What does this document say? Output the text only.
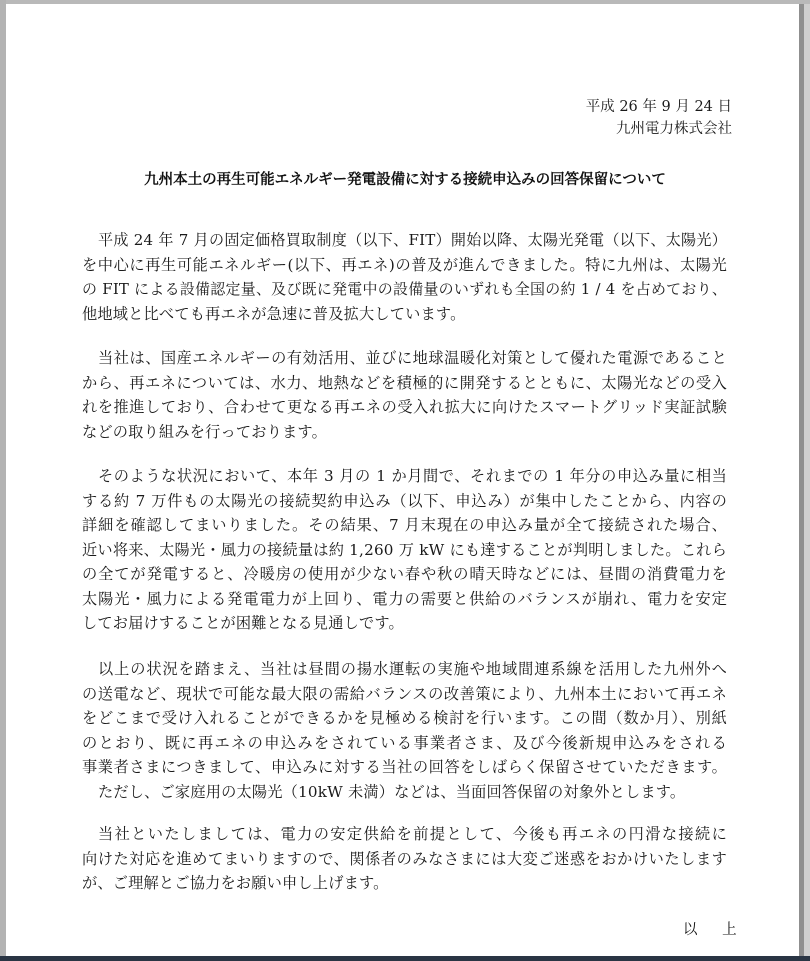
平成 26 年 9 月 24 日
九州電力株式会社
九州本土の再生可能エネルギー発電設備に対する接続申込みの回答保留について
平成 24 年 7 月の固定価格買取制度（以下、FIT）開始以降、太陽光発電（以下、太陽光）
を中心に再生可能エネルギー(以下、再エネ)の普及が進んできました。特に九州は、太陽光
の FIT による設備認定量、及び既に発電中の設備量のいずれも全国の約 1 / 4 を占めており、
他地域と比べても再エネが急速に普及拡大しています。
当社は、国産エネルギーの有効活用、並びに地球温暖化対策として優れた電源であること
から、再エネについては、水力、地熱などを積極的に開発するとともに、太陽光などの受入
れを推進しており、合わせて更なる再エネの受入れ拡大に向けたスマートグリッド実証試験
などの取り組みを行っております。
そのような状況において、本年 3 月の 1 か月間で、それまでの 1 年分の申込み量に相当
する約 7 万件もの太陽光の接続契約申込み（以下、申込み）が集中したことから、内容の
詳細を確認してまいりました。その結果、7 月末現在の申込み量が全て接続された場合、
近い将来、太陽光・風力の接続量は約 1,260 万 kW にも達することが判明しました。これら
の全てが発電すると、冷暖房の使用が少ない春や秋の晴天時などには、昼間の消費電力を
太陽光・風力による発電電力が上回り、電力の需要と供給のバランスが崩れ、電力を安定
してお届けすることが困難となる見通しです。
以上の状況を踏まえ、当社は昼間の揚水運転の実施や地域間連系線を活用した九州外へ
の送電など、現状で可能な最大限の需給バランスの改善策により、九州本土において再エネ
をどこまで受け入れることができるかを見極める検討を行います。この間（数か月）、別紙
のとおり、既に再エネの申込みをされている事業者さま、及び今後新規申込みをされる
事業者さまにつきまして、申込みに対する当社の回答をしばらく保留させていただきます。
ただし、ご家庭用の太陽光（10kW 未満）などは、当面回答保留の対象外とします。
当社といたしましては、電力の安定供給を前提として、今後も再エネの円滑な接続に
向けた対応を進めてまいりますので、関係者のみなさまには大変ご迷惑をおかけいたします
が、ご理解とご協力をお願い申し上げます。
以 上
